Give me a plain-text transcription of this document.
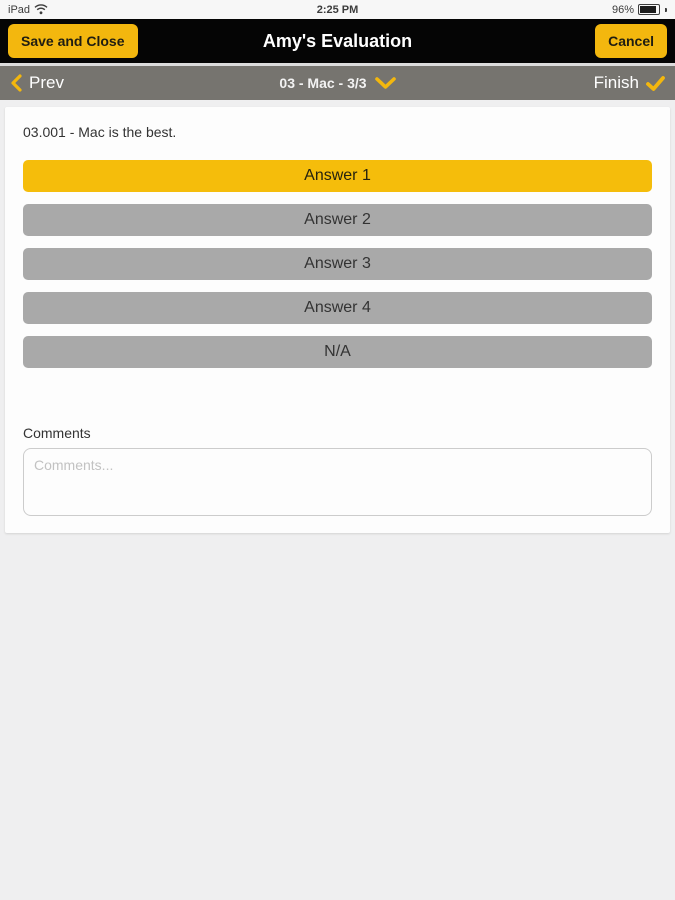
iPad	2:25 PM	96%
Save and Close	Amy's Evaluation	Cancel
Prev	03 - Mac - 3/3	Finish

03.001 - Mac is the best.

Answer 1
Answer 2
Answer 3
Answer 4
N/A
Comments
Comments...
